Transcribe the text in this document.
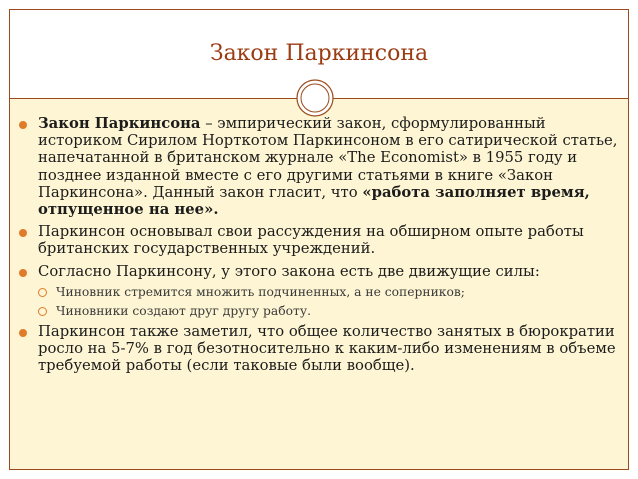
Закон Паркинсона
Закон Паркинсона – эмпирический закон, сформулированный историком Сирилом Норткотом Паркинсоном в его сатирической статье, напечатанной в британском журнале «The Economist» в 1955 году и позднее изданной вместе с его другими статьями в книге «Закон Паркинсона». Данный закон гласит, что «работа заполняет время, отпущенное на нее».
Паркинсон основывал свои рассуждения на обширном опыте работы британских государственных учреждений.
Согласно Паркинсону, у этого закона есть две движущие силы:
Чиновник стремится множить подчиненных, а не соперников;
Чиновники создают друг другу работу.
Паркинсон также заметил, что общее количество занятых в бюрократии росло на 5-7% в год безотносительно к каким-либо изменениям в объеме требуемой работы (если таковые были вообще).
